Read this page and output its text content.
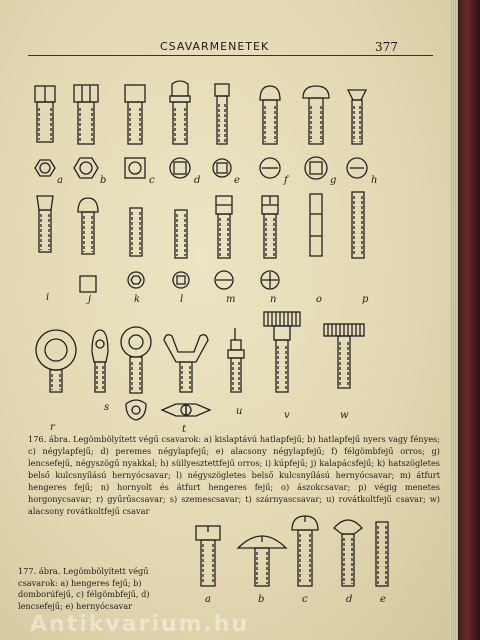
CSAVARMENETEK	377
a	b	c	d	e	f	g	h
i	j	k	l	m	n	o	p
r
s
t
u	v	w
a	b	c	d	e
176. ábra. Legömbölyített végű csavarok: a) kislaptávú hatlapfejű; b) hatlapfejű nyers vagy fényes; c) négylapfejű; d) peremes négylapfejű; e) alacsony négylapfejű; f) félgömbfejű orros; g) lencsefejű, négyszögű nyakkal; h) süllyesztettfejű orros; i) kúpfejű; j) kalapácsfejű; k) hatszögletes belső kulcsnyílású hernyócsavar; l) négyszögletes belső kulcsnyílású hernyócsavar; m) átfurt hengeres fejű; n) hornyolt és átfurt hengeres fejű; o) ászokcsavar; p) végig menetes horgonycsavar; r) gyűrűscsavar; s) szemescsavar; t) szárnyascsavar; u) rovátkoltfejű csavar; w) alacsony rovátkoltfejű csavar
177. ábra. Legömbölyített végű csavarok: a) hengeres fejű; b) domborúfejű, c) félgömbfejű, d) lencsefejű; e) hernyócsavar
Antikvarium.hu
